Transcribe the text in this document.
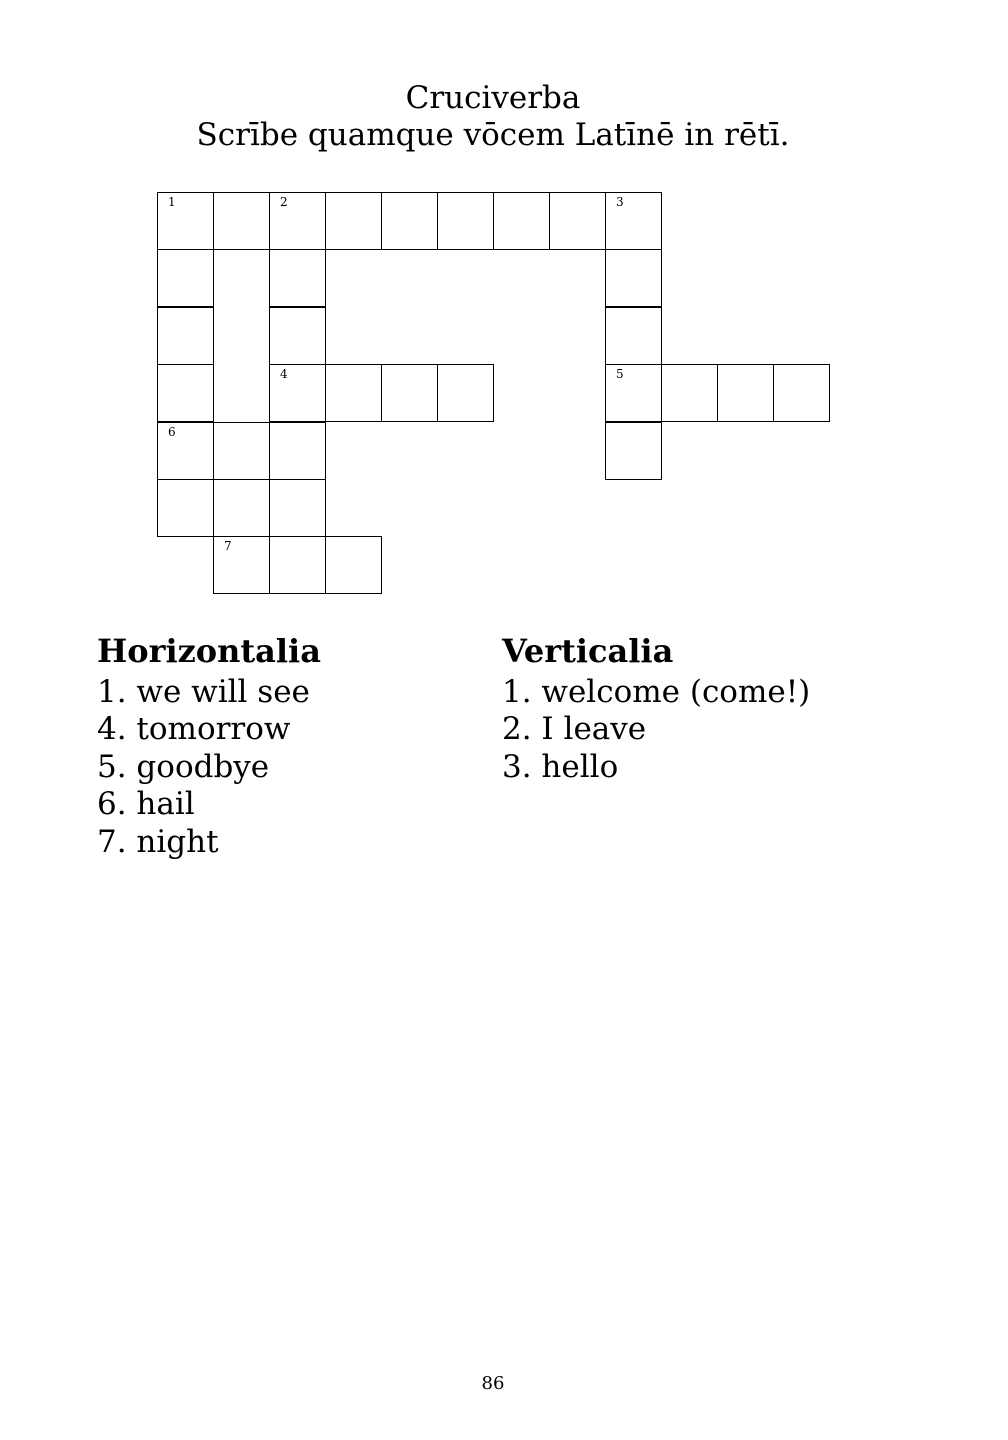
Cruciverba
Scrībe quamque vōcem Latīnē in rētī.
1	2	3
4	5
6
7
Horizontalia
1. we will see
4. tomorrow
5. goodbye
6. hail
7. night
Verticalia
1. welcome (come!)
2. I leave
3. hello
86
